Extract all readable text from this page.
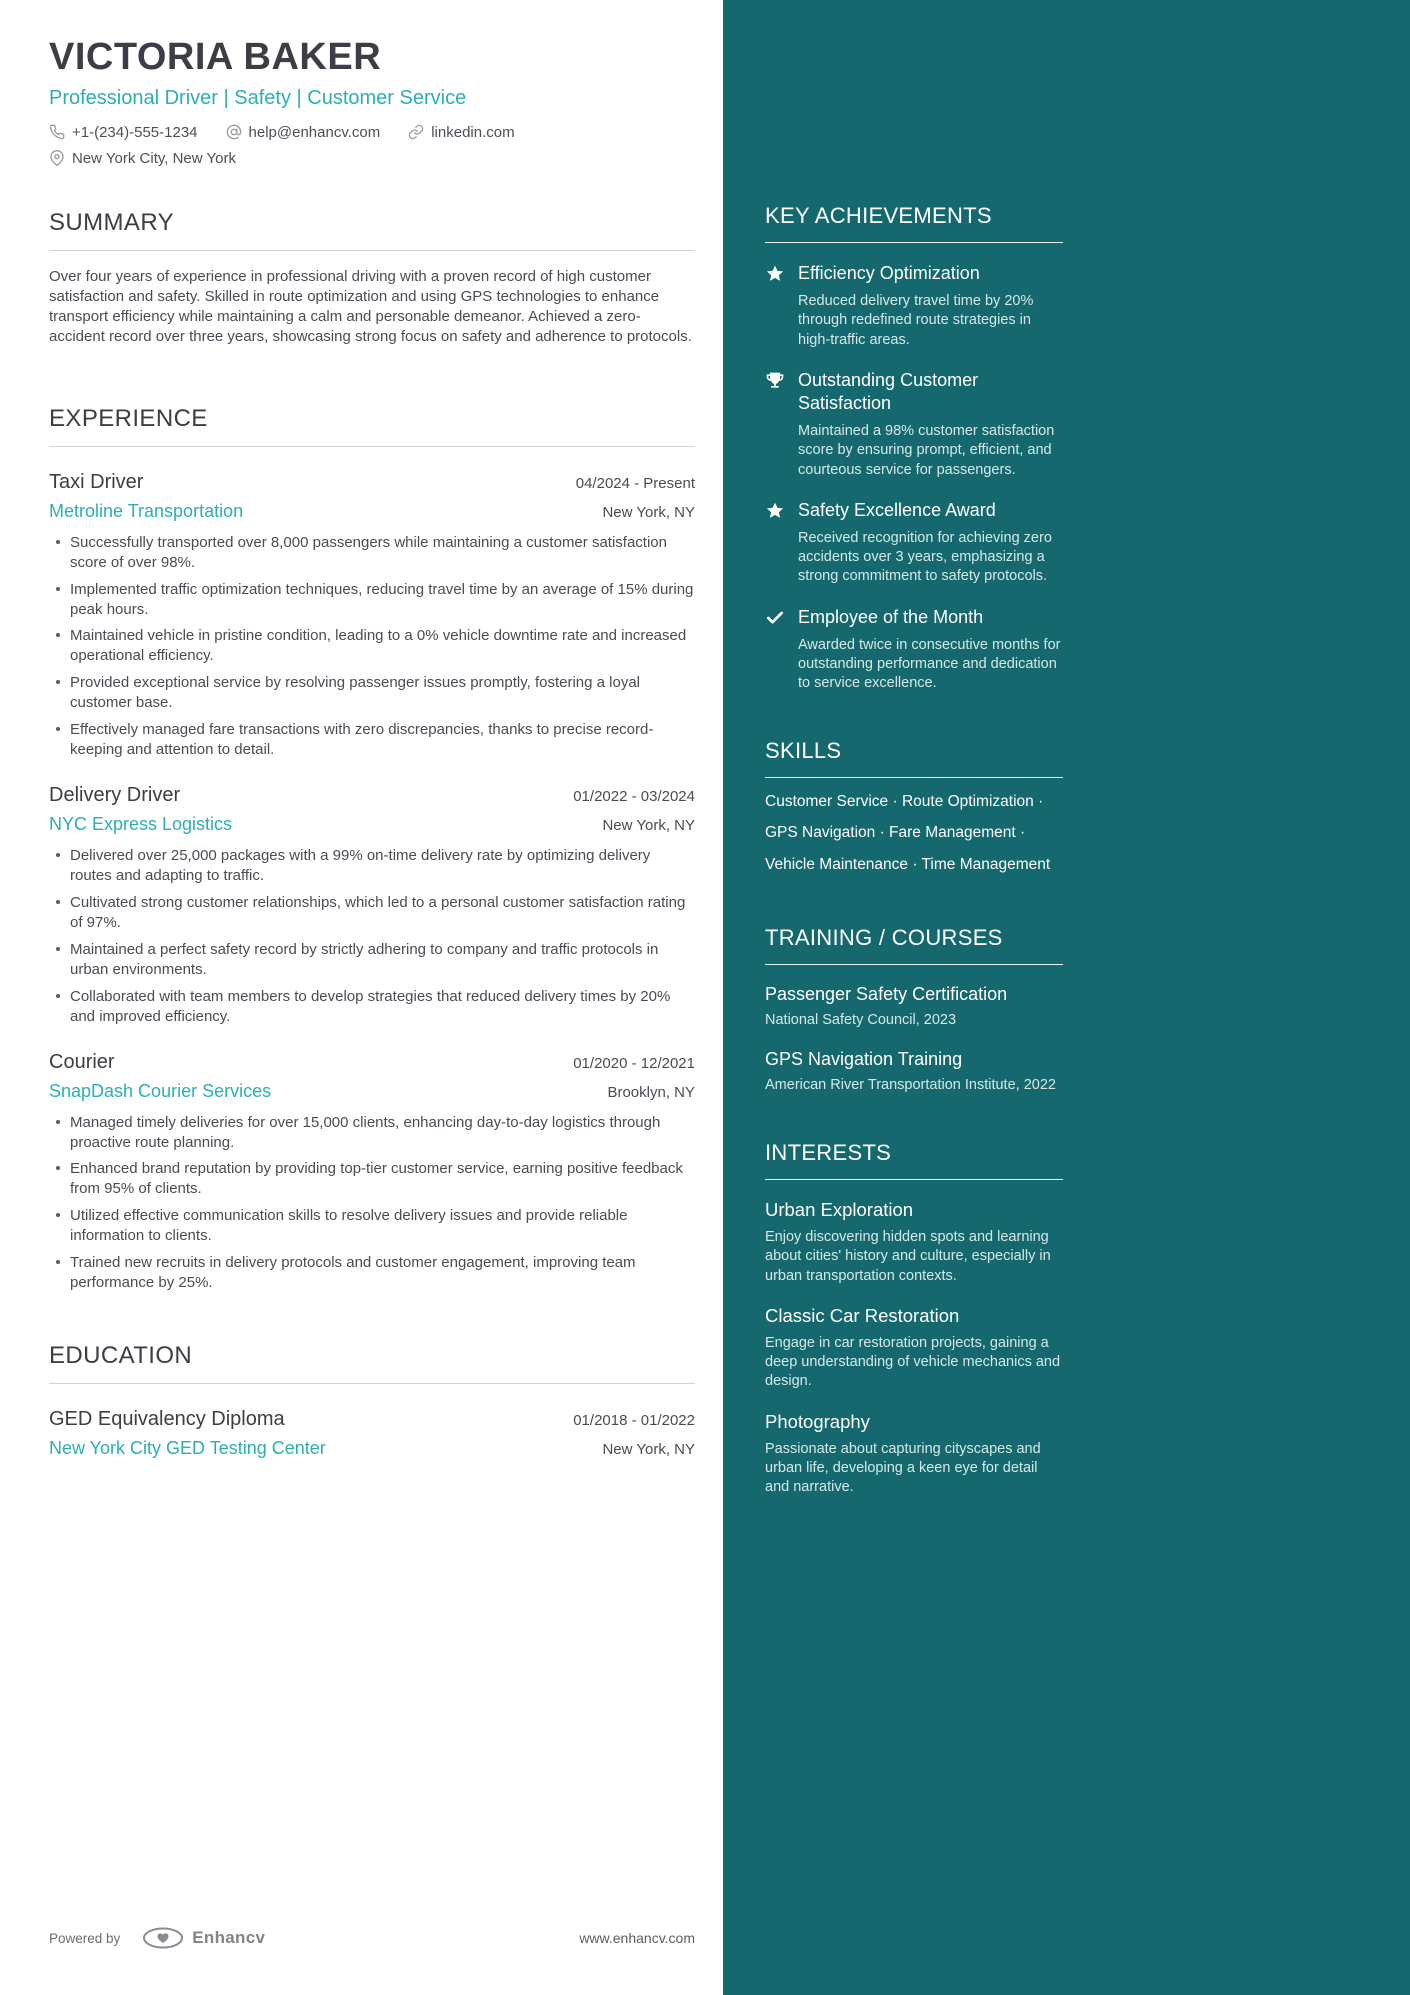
VICTORIA BAKER
Professional Driver | Safety | Customer Service
+1-(234)-555-1234	help@enhancv.com	linkedin.com
New York City, New York
SUMMARY

Over four years of experience in professional driving with a proven record of high customer satisfaction and safety. Skilled in route optimization and using GPS technologies to enhance transport efficiency while maintaining a calm and personable demeanor. Achieved a zero-accident record over three years, showcasing strong focus on safety and adherence to protocols.

EXPERIENCE
Taxi Driver	04/2024 - Present
Metroline Transportation	New York, NY
Successfully transported over 8,000 passengers while maintaining a customer satisfaction score of over 98%.
Implemented traffic optimization techniques, reducing travel time by an average of 15% during peak hours.
Maintained vehicle in pristine condition, leading to a 0% vehicle downtime rate and increased operational efficiency.
Provided exceptional service by resolving passenger issues promptly, fostering a loyal customer base.
Effectively managed fare transactions with zero discrepancies, thanks to precise record-keeping and attention to detail.
Delivery Driver	01/2022 - 03/2024
NYC Express Logistics	New York, NY
Delivered over 25,000 packages with a 99% on-time delivery rate by optimizing delivery routes and adapting to traffic.
Cultivated strong customer relationships, which led to a personal customer satisfaction rating of 97%.
Maintained a perfect safety record by strictly adhering to company and traffic protocols in urban environments.
Collaborated with team members to develop strategies that reduced delivery times by 20% and improved efficiency.
Courier	01/2020 - 12/2021
SnapDash Courier Services	Brooklyn, NY
Managed timely deliveries for over 15,000 clients, enhancing day-to-day logistics through proactive route planning.
Enhanced brand reputation by providing top-tier customer service, earning positive feedback from 95% of clients.
Utilized effective communication skills to resolve delivery issues and provide reliable information to clients.
Trained new recruits in delivery protocols and customer engagement, improving team performance by 25%.
EDUCATION
GED Equivalency Diploma	01/2018 - 01/2022
New York City GED Testing Center	New York, NY
Powered by	Enhancv	www.enhancv.com
KEY ACHIEVEMENTS
Efficiency Optimization
Reduced delivery travel time by 20% through redefined route strategies in high-traffic areas.
Outstanding Customer Satisfaction
Maintained a 98% customer satisfaction score by ensuring prompt, efficient, and courteous service for passengers.
Safety Excellence Award
Received recognition for achieving zero accidents over 3 years, emphasizing a strong commitment to safety protocols.
Employee of the Month
Awarded twice in consecutive months for outstanding performance and dedication to service excellence.
SKILLS
Customer Service · Route Optimization · GPS Navigation · Fare Management · Vehicle Maintenance · Time Management
TRAINING / COURSES
Passenger Safety Certification
National Safety Council, 2023
GPS Navigation Training
American River Transportation Institute, 2022
INTERESTS
Urban Exploration
Enjoy discovering hidden spots and learning about cities' history and culture, especially in urban transportation contexts.
Classic Car Restoration
Engage in car restoration projects, gaining a deep understanding of vehicle mechanics and design.
Photography
Passionate about capturing cityscapes and urban life, developing a keen eye for detail and narrative.
